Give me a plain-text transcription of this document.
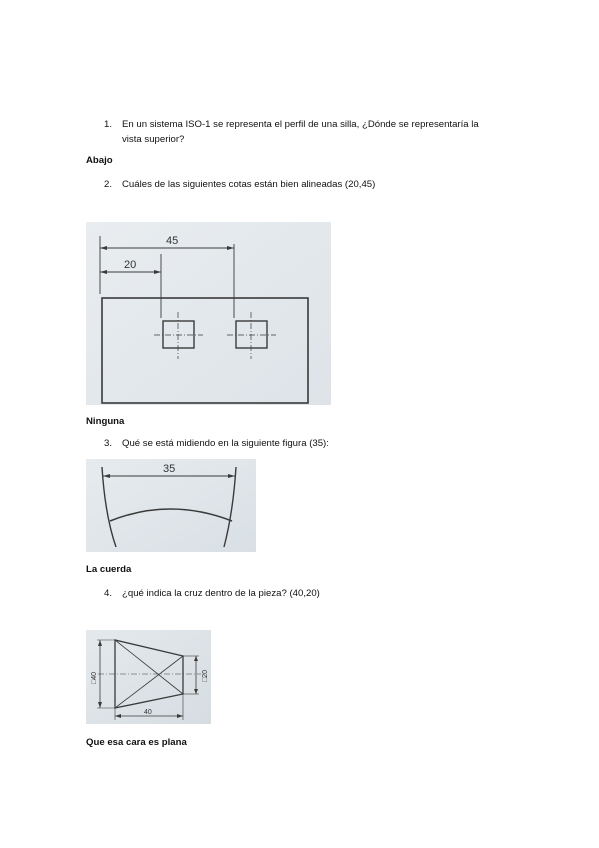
1. En un sistema ISO-1 se representa el perfil de una silla, ¿Dónde se representaría la
vista superior?
Abajo
2. Cuáles de las siguientes cotas están bien alineadas (20,45)
45
20
Ninguna
3. Qué se está midiendo en la siguiente figura (35):
35
La cuerda
4. ¿qué indica la cruz dentro de la pieza? (40,20)
□40	□20
40
Que esa cara es plana
